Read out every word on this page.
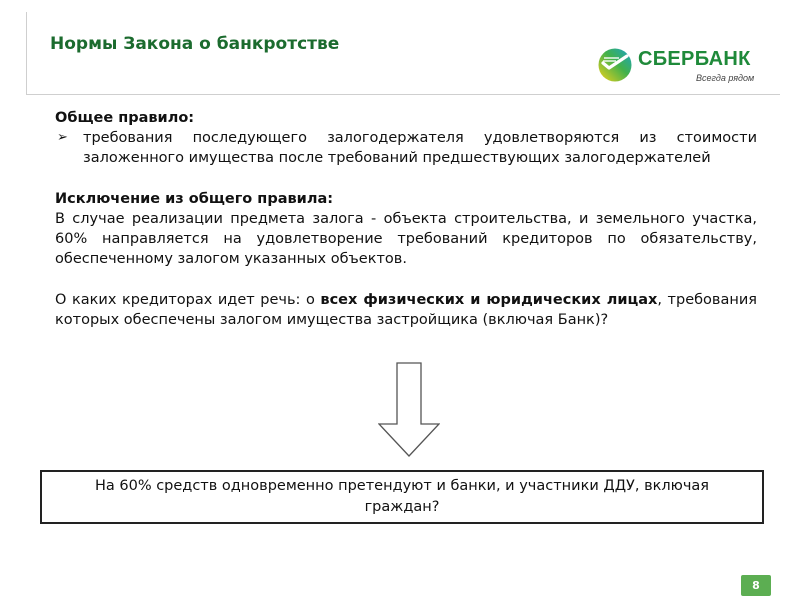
Нормы Закона о банкротстве
СБЕРБАНК
Всегда рядом

Общее правило:

➢ требования последующего залогодержателя удовлетворяются из стоимости заложенного имущества после требований предшествующих залогодержателей

Исключение из общего правила:

В случае реализации предмета залога - объекта строительства, и земельного участка, 60% направляется на удовлетворение требований кредиторов по обязательству, обеспеченному залогом указанных объектов.

О каких кредиторах идет речь: о всех физических и юридических лицах, требования которых обеспечены залогом имущества застройщика (включая Банк)?

На 60% средств одновременно претендуют и банки, и участники ДДУ, включая граждан?
8
